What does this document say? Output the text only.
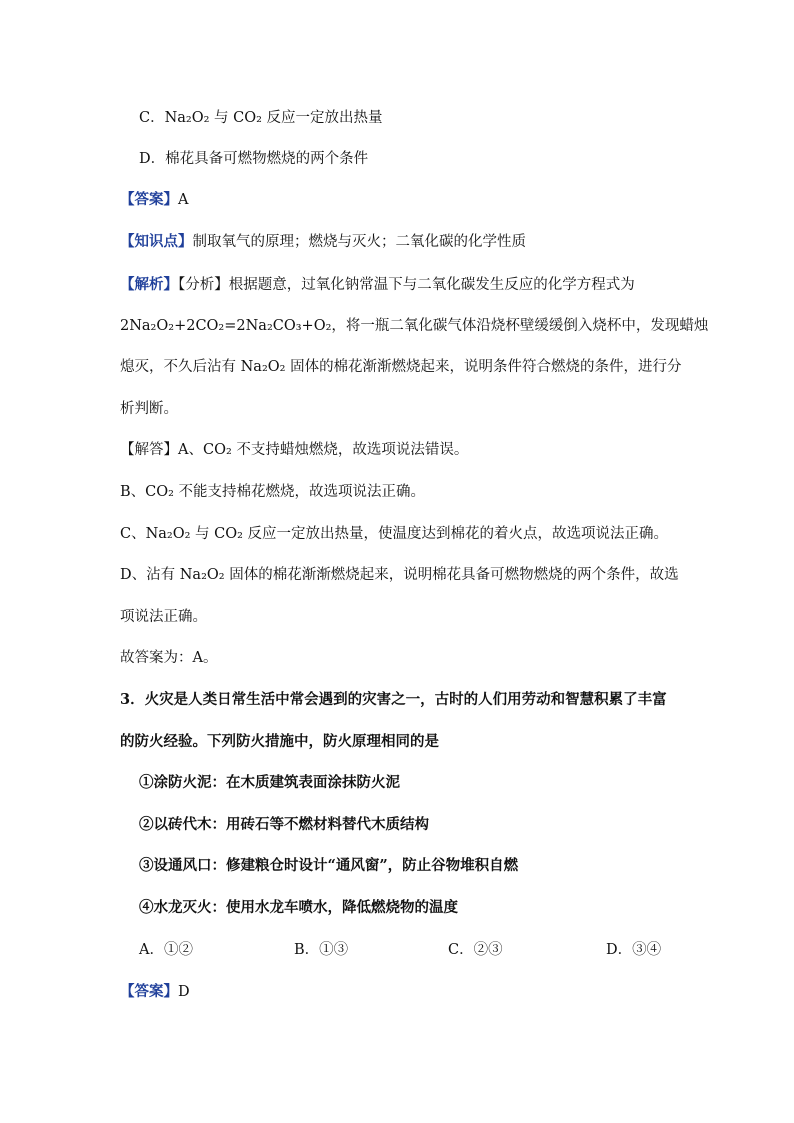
C．Na₂O₂ 与 CO₂ 反应一定放出热量
D．棉花具备可燃物燃烧的两个条件
【答案】A
【知识点】制取氧气的原理；燃烧与灭火；二氧化碳的化学性质
【解析】【分析】根据题意，过氧化钠常温下与二氧化碳发生反应的化学方程式为
2Na₂O₂+2CO₂=2Na₂CO₃+O₂，将一瓶二氧化碳气体沿烧杯壁缓缓倒入烧杯中，发现蜡烛
熄灭，不久后沾有 Na₂O₂ 固体的棉花渐渐燃烧起来，说明条件符合燃烧的条件，进行分
析判断。
【解答】A、CO₂ 不支持蜡烛燃烧，故选项说法错误。
B、CO₂ 不能支持棉花燃烧，故选项说法正确。
C、Na₂O₂ 与 CO₂ 反应一定放出热量，使温度达到棉花的着火点，故选项说法正确。
D、沾有 Na₂O₂ 固体的棉花渐渐燃烧起来，说明棉花具备可燃物燃烧的两个条件，故选
项说法正确。
故答案为：A。
3．火灾是人类日常生活中常会遇到的灾害之一，古时的人们用劳动和智慧积累了丰富
的防火经验。下列防火措施中，防火原理相同的是
①涂防火泥：在木质建筑表面涂抹防火泥
②以砖代木：用砖石等不燃材料替代木质结构
③设通风口：修建粮仓时设计“通风窗”，防止谷物堆积自燃
④水龙灭火：使用水龙车喷水，降低燃烧物的温度
A．①②	B．①③	C．②③	D．③④
【答案】D
